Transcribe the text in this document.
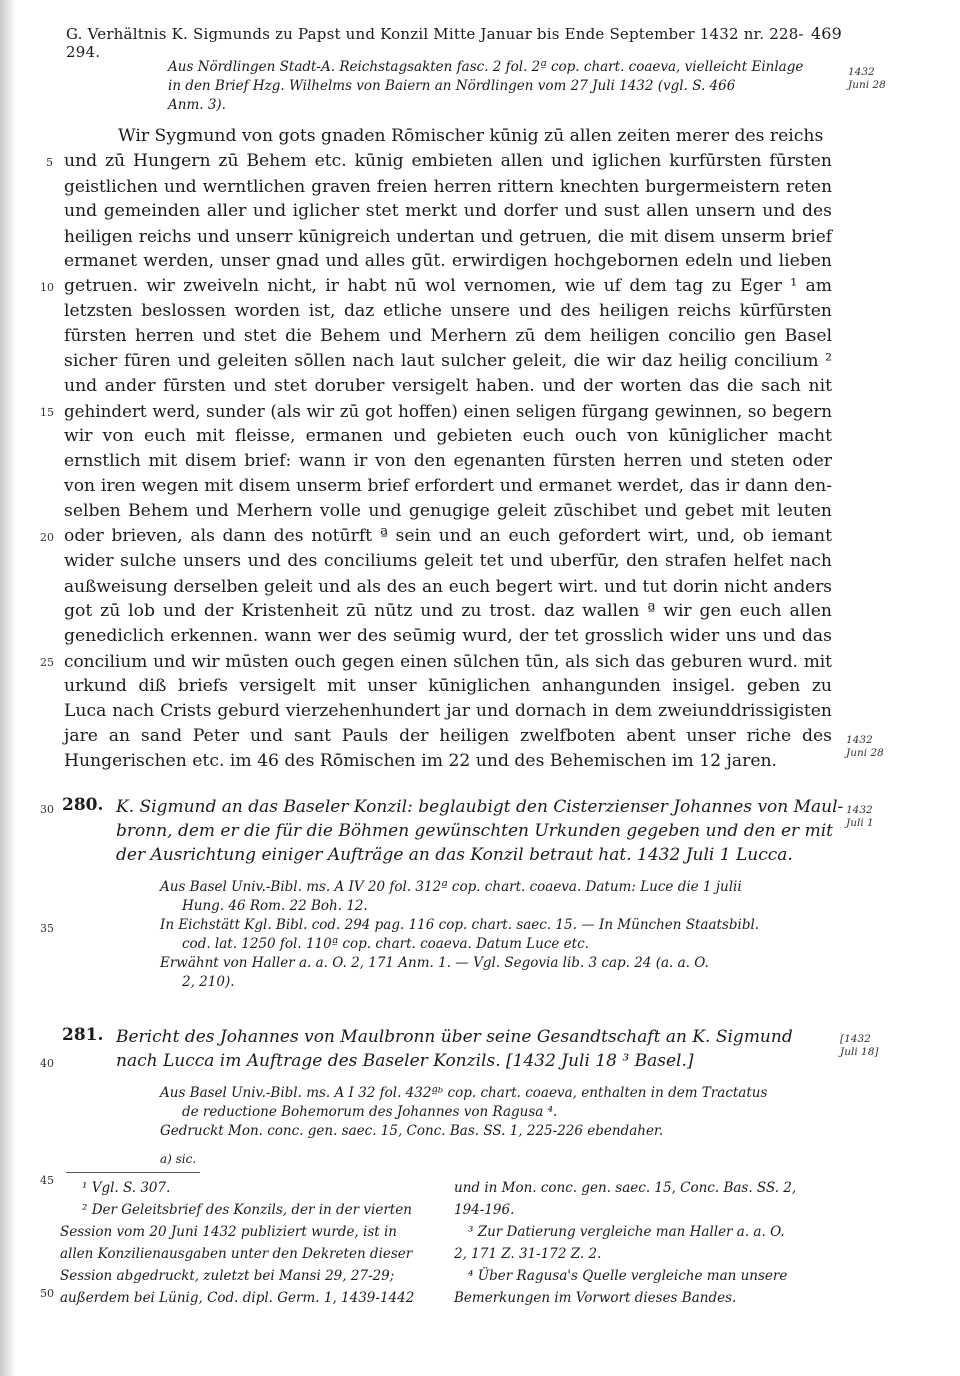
G. Verhältnis K. Sigmunds zu Papst und Konzil Mitte Januar bis Ende September 1432 nr. 228-294.
469
Aus Nördlingen Stadt-A. Reichstagsakten fasc. 2 fol. 2ª cop. chart. coaeva, vielleicht Einlage
in den Brief Hzg. Wilhelms von Baiern an Nördlingen vom 27 Juli 1432 (vgl. S. 466
Anm. 3).
1432
Juni 28
Wir Sygmund von gots gnaden Rōmischer kūnig zū allen zeiten merer des reichs
und zū Hungern zū Behem etc. kūnig embieten allen und iglichen kurfūrsten fūrsten
geistlichen und werntlichen graven freien herren rittern knechten burgermeistern reten
und gemeinden aller und iglicher stet merkt und dorfer und sust allen unsern und des
heiligen reichs und unserr kūnigreich undertan und getruen, die mit disem unserm brief
ermanet werden, unser gnad und alles gūt. erwirdigen hochgebornen edeln und lieben
getruen. wir zweiveln nicht, ir habt nū wol vernomen, wie uf dem tag zu Eger ¹ am
letzsten beslossen worden ist, daz etliche unsere und des heiligen reichs kūrfūrsten
fūrsten herren und stet die Behem und Merhern zū dem heiligen concilio gen Basel
sicher fūren und geleiten sōllen nach laut sulcher geleit, die wir daz heilig concilium ²
und ander fūrsten und stet doruber versigelt haben. und der worten das die sach nit
gehindert werd, sunder (als wir zū got hoffen) einen seligen fūrgang gewinnen, so begern
wir von euch mit fleisse, ermanen und gebieten euch ouch von kūniglicher macht
ernstlich mit disem brief: wann ir von den egenanten fūrsten herren und steten oder
von iren wegen mit disem unserm brief erfordert und ermanet werdet, das ir dann den-
selben Behem und Merhern volle und genugige geleit zūschibet und gebet mit leuten
oder brieven, als dann des notūrft ª sein und an euch gefordert wirt, und, ob iemant
wider sulche unsers und des conciliums geleit tet und uberfūr, den strafen helfet nach
außweisung derselben geleit und als des an euch begert wirt. und tut dorin nicht anders
got zū lob und der Kristenheit zū nūtz und zu trost. daz wallen ª wir gen euch allen
genediclich erkennen. wann wer des seūmig wurd, der tet grosslich wider uns und das
concilium und wir mūsten ouch gegen einen sūlchen tūn, als sich das geburen wurd. mit
urkund diß briefs versigelt mit unser kūniglichen anhangunden insigel. geben zu
Luca nach Crists geburd vierzehenhundert jar und dornach in dem zweiunddrissigisten
jare an sand Peter und sant Pauls der heiligen zwelfboten abent unser riche des
Hungerischen etc. im 46 des Rōmischen im 22 und des Behemischen im 12 jaren.
1432
Juni 28
5
10
15
20
25
30
35
40
45
50
280. K. Sigmund an das Baseler Konzil: beglaubigt den Cisterzienser Johannes von Maul-
bronn, dem er die für die Böhmen gewünschten Urkunden gegeben und den er mit
der Ausrichtung einiger Aufträge an das Konzil betraut hat. 1432 Juli 1 Lucca.
1432
Juli 1
Aus Basel Univ.-Bibl. ms. A IV 20 fol. 312ª cop. chart. coaeva. Datum: Luce die 1 julii
Hung. 46 Rom. 22 Boh. 12.
In Eichstätt Kgl. Bibl. cod. 294 pag. 116 cop. chart. saec. 15. — In München Staatsbibl.
cod. lat. 1250 fol. 110ª cop. chart. coaeva. Datum Luce etc.
Erwähnt von Haller a. a. O. 2, 171 Anm. 1. — Vgl. Segovia lib. 3 cap. 24 (a. a. O.
2, 210).
281. Bericht des Johannes von Maulbronn über seine Gesandtschaft an K. Sigmund
nach Lucca im Auftrage des Baseler Konzils. [1432 Juli 18 ³ Basel.]
[1432
Juli 18]
Aus Basel Univ.-Bibl. ms. A I 32 fol. 432ªᵇ cop. chart. coaeva, enthalten in dem Tractatus
de reductione Bohemorum des Johannes von Ragusa ⁴.
Gedruckt Mon. conc. gen. saec. 15, Conc. Bas. SS. 1, 225-226 ebendaher.
a) sic.
¹ Vgl. S. 307.
² Der Geleitsbrief des Konzils, der in der vierten
Session vom 20 Juni 1432 publiziert wurde, ist in
allen Konzilienausgaben unter den Dekreten dieser
Session abgedruckt, zuletzt bei Mansi 29, 27-29;
außerdem bei Lünig, Cod. dipl. Germ. 1, 1439-1442
und in Mon. conc. gen. saec. 15, Conc. Bas. SS. 2,
194-196.
³ Zur Datierung vergleiche man Haller a. a. O.
2, 171 Z. 31-172 Z. 2.
⁴ Über Ragusa's Quelle vergleiche man unsere
Bemerkungen im Vorwort dieses Bandes.
